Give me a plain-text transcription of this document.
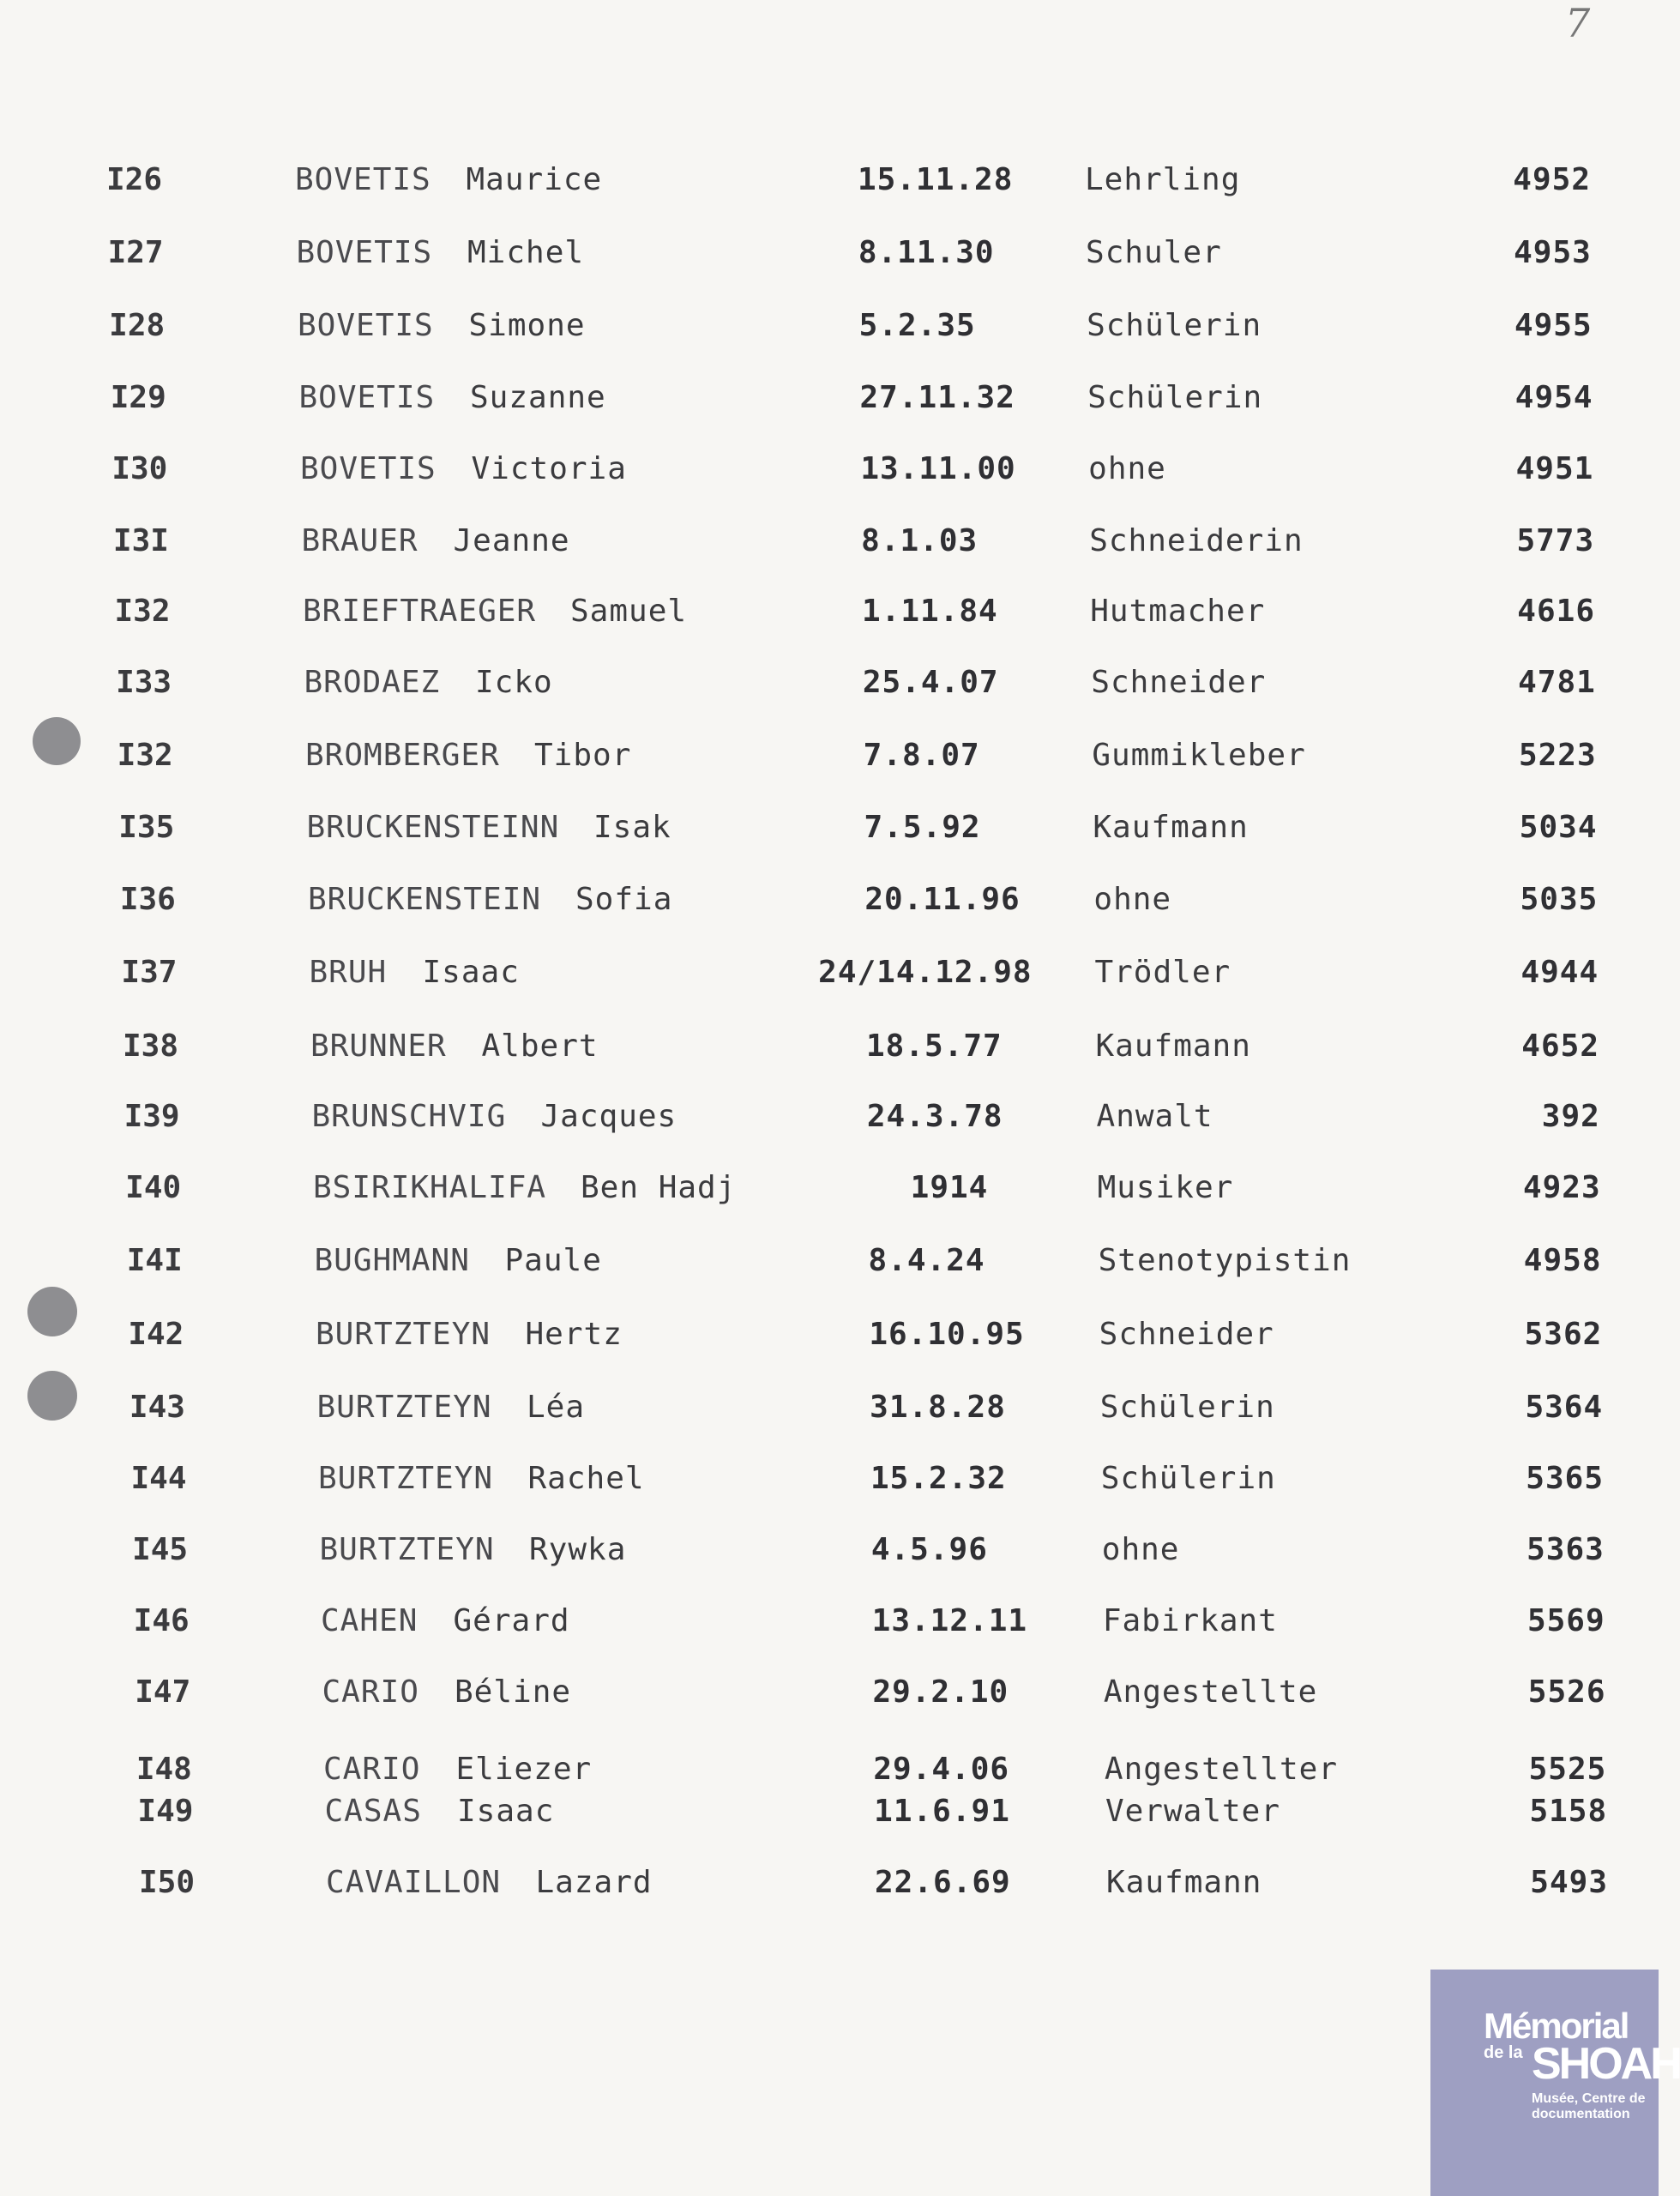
7
I26	BOVETIS Maurice	15.11.28 Lehrling	4952
I27	BOVETIS Michel	8.11.30	Schuler	4953
I28	BOVETIS Simone	5.2.35	Schülerin	4955
I29	BOVETIS Suzanne	27.11.32 Schülerin	4954
I30	BOVETIS Victoria	13.11.00 ohne	4951
I3I	BRAUER Jeanne	8.1.03	Schneiderin	5773
I32	BRIEFTRAEGER Samuel	1.11.84	Hutmacher	4616
I33	BRODAEZ Icko	25.4.07	Schneider	4781
I32	BROMBERGER Tibor	7.8.07	Gummikleber	5223
I35	BRUCKENSTEINN Isak	7.5.92	Kaufmann	5034
I36	BRUCKENSTEIN Sofia	20.11.96 ohne	5035
I37	BRUH Isaac	24/14.12.98 Trödler	4944
I38	BRUNNER Albert	18.5.77	Kaufmann	4652
I39	BRUNSCHVIG Jacques	24.3.78	Anwalt	392
I40	BSIRIKHALIFA Ben Hadj	1914	Musiker	4923
I4I	BUGHMANN Paule	8.4.24	Stenotypistin	4958
I42	BURTZTEYN Hertz	16.10.95 Schneider	5362
I43	BURTZTEYN Léa	31.8.28	Schülerin	5364
I44	BURTZTEYN Rachel	15.2.32	Schülerin	5365
I45	BURTZTEYN Rywka	4.5.96	ohne	5363
I46	CAHEN Gérard	13.12.11 Fabirkant	5569
I47	CARIO Béline	29.2.10	Angestellte	5526
I48	CARIO Eliezer	29.4.06	Angestellter	5525
I49	CASAS Isaac	11.6.91	Verwalter	5158
I50	CAVAILLON Lazard	22.6.69	Kaufmann	5493
Mémorial
de la SHOAH
Musée, Centre de documentation
